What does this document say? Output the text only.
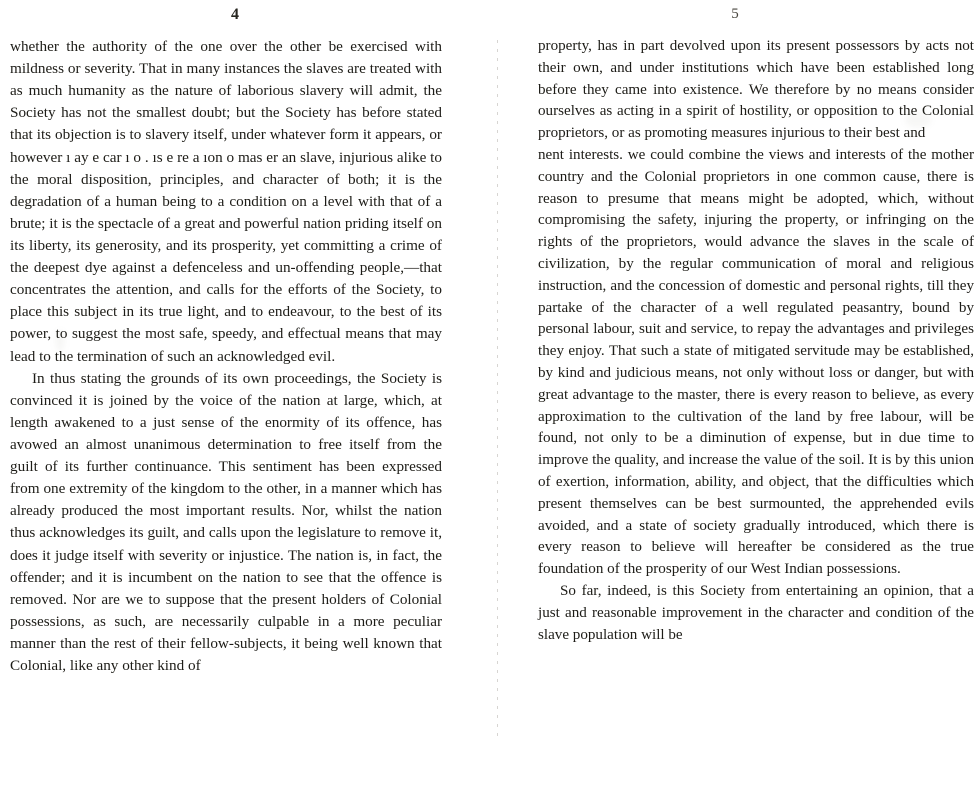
4	5

whether the authority of the one over the other be exercised with mildness or severity. That in many instances the slaves are treated with as much humanity as the nature of laborious slavery will admit, the Society has not the smallest doubt; but the Society has before stated that its objection is to slavery itself, under whatever form it appears, or however ı ay e car ı o . ıs e re a ıon o mas er an slave, injurious alike to the moral disposition, principles, and character of both; it is the degradation of a human being to a condition on a level with that of a brute; it is the spectacle of a great and powerful nation priding itself on its liberty, its generosity, and its prosperity, yet committing a crime of the deepest dye against a defenceless and un-offending people,—that concentrates the attention, and calls for the efforts of the Society, to place this subject in its true light, and to endeavour, to the best of its power, to suggest the most safe, speedy, and effectual means that may lead to the termination of such an acknowledged evil.

In thus stating the grounds of its own proceedings, the Society is convinced it is joined by the voice of the nation at large, which, at length awakened to a just sense of the enormity of its offence, has avowed an almost unanimous determination to free itself from the guilt of its further continuance. This sentiment has been expressed from one extremity of the kingdom to the other, in a manner which has already produced the most important results. Nor, whilst the nation thus acknowledges its guilt, and calls upon the legislature to remove it, does it judge itself with severity or injustice. The nation is, in fact, the offender; and it is incumbent on the nation to see that the offence is removed. Nor are we to suppose that the present holders of Colonial possessions, as such, are necessarily culpable in a more peculiar manner than the rest of their fellow-subjects, it being well known that Colonial, like any other kind of

property, has in part devolved upon its present possessors by acts not their own, and under institutions which have been established long before they came into existence. We therefore by no means consider ourselves as acting in a spirit of hostility, or opposition to the Colonial proprietors, or as promoting measures injurious to their best and

nent interests. we could combine the views and interests of the mother country and the Colonial proprietors in one common cause, there is reason to presume that means might be adopted, which, without compromising the safety, injuring the property, or infringing on the rights of the proprietors, would advance the slaves in the scale of civilization, by the regular communication of moral and religious instruction, and the concession of domestic and personal rights, till they partake of the character of a well regulated peasantry, bound by personal labour, suit and service, to repay the advantages and privileges they enjoy. That such a state of mitigated servitude may be established, by kind and judicious means, not only without loss or danger, but with great advantage to the master, there is every reason to believe, as every approximation to the cultivation of the land by free labour, will be found, not only to be a diminution of expense, but in due time to improve the quality, and increase the value of the soil. It is by this union of exertion, information, ability, and object, that the difficulties which present themselves can be best surmounted, the apprehended evils avoided, and a state of society gradually introduced, which there is every reason to believe will hereafter be considered as the true foundation of the prosperity of our West Indian possessions.

So far, indeed, is this Society from entertaining an opinion, that a just and reasonable improvement in the character and condition of the slave population will be
